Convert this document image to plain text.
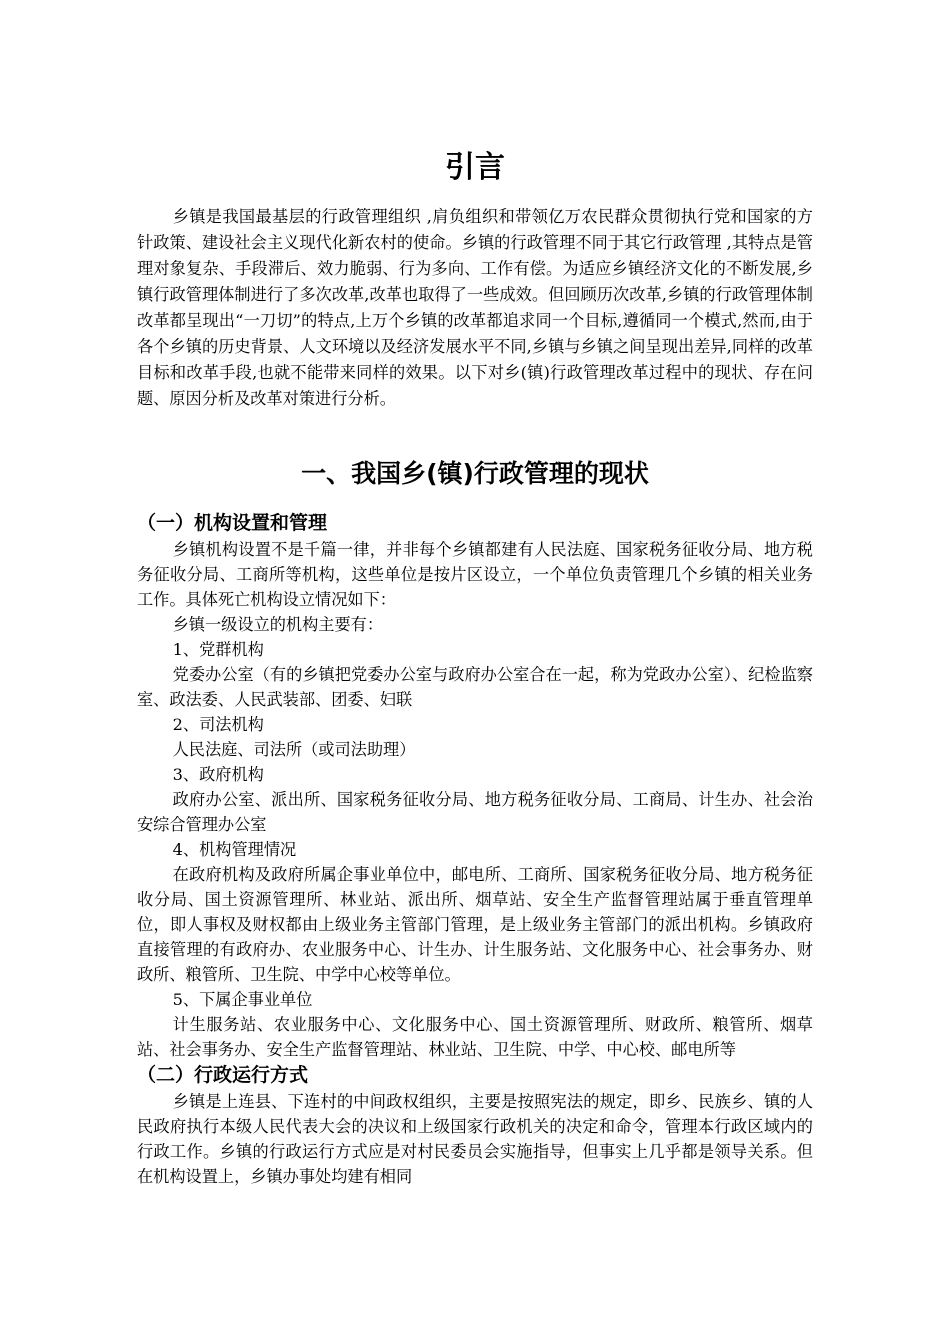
引言

乡镇是我国最基层的行政管理组织 ,肩负组织和带领亿万农民群众贯彻执行党和国家的方针政策、建设社会主义现代化新农村的使命。乡镇的行政管理不同于其它行政管理 ,其特点是管理对象复杂、手段滞后、效力脆弱、行为多向、工作有偿。为适应乡镇经济文化的不断发展,乡镇行政管理体制进行了多次改革,改革也取得了一些成效。但回顾历次改革,乡镇的行政管理体制改革都呈现出“一刀切”的特点,上万个乡镇的改革都追求同一个目标,遵循同一个模式,然而,由于各个乡镇的历史背景、人文环境以及经济发展水平不同,乡镇与乡镇之间呈现出差异,同样的改革目标和改革手段,也就不能带来同样的效果。以下对乡(镇)行政管理改革过程中的现状、存在问题、原因分析及改革对策进行分析。

一、我国乡(镇)行政管理的现状
（一）机构设置和管理

乡镇机构设置不是千篇一律，并非每个乡镇都建有人民法庭、国家税务征收分局、地方税务征收分局、工商所等机构，这些单位是按片区设立，一个单位负责管理几个乡镇的相关业务工作。具体死亡机构设立情况如下：

乡镇一级设立的机构主要有：

1、党群机构

党委办公室（有的乡镇把党委办公室与政府办公室合在一起，称为党政办公室）、纪检监察室、政法委、人民武装部、团委、妇联

2、司法机构

人民法庭、司法所（或司法助理）

3、政府机构

政府办公室、派出所、国家税务征收分局、地方税务征收分局、工商局、计生办、社会治安综合管理办公室

4、机构管理情况

在政府机构及政府所属企事业单位中，邮电所、工商所、国家税务征收分局、地方税务征收分局、国土资源管理所、林业站、派出所、烟草站、安全生产监督管理站属于垂直管理单位，即人事权及财权都由上级业务主管部门管理，是上级业务主管部门的派出机构。乡镇政府直接管理的有政府办、农业服务中心、计生办、计生服务站、文化服务中心、社会事务办、财政所、粮管所、卫生院、中学中心校等单位。

5、下属企事业单位

计生服务站、农业服务中心、文化服务中心、国土资源管理所、财政所、粮管所、烟草站、社会事务办、安全生产监督管理站、林业站、卫生院、中学、中心校、邮电所等

（二）行政运行方式

乡镇是上连县、下连村的中间政权组织，主要是按照宪法的规定，即乡、民族乡、镇的人民政府执行本级人民代表大会的决议和上级国家行政机关的决定和命令，管理本行政区域内的行政工作。乡镇的行政运行方式应是对村民委员会实施指导，但事实上几乎都是领导关系。但在机构设置上，乡镇办事处均建有相同
